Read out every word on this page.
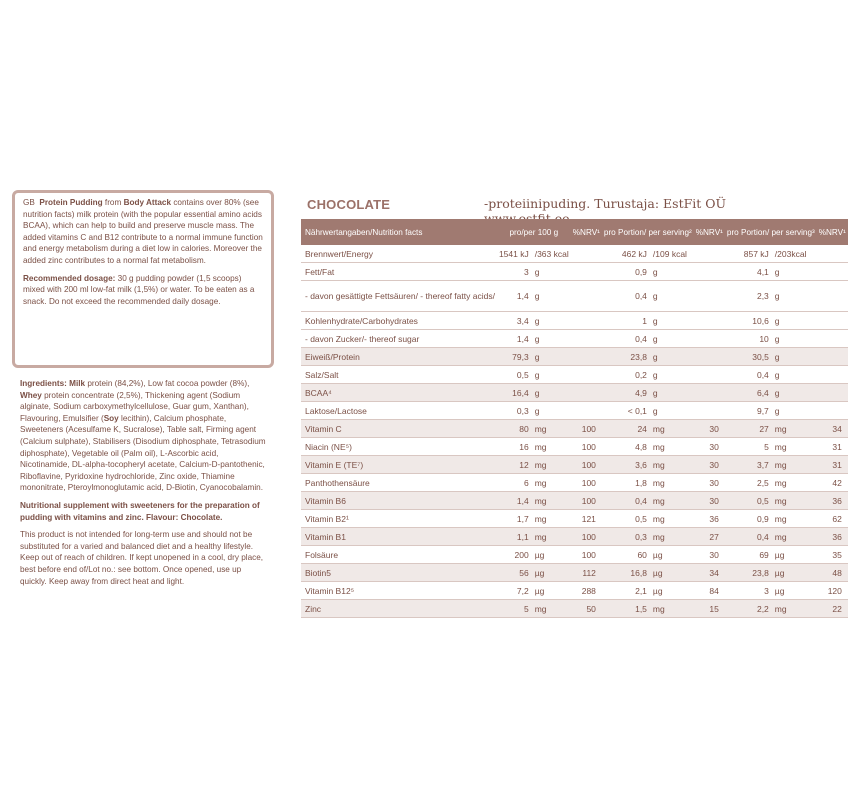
GB Protein Pudding from Body Attack contains over 80% (see nutrition facts) milk protein (with the popular essential amino acids BCAA), which can help to build and preserve muscle mass. The added vitamins C and B12 contribute to a normal immune function and energy metabolism during a diet low in calories. Moreover the added zinc contributes to a normal fat metabolism.

Recommended dosage: 30 g pudding powder (1,5 scoops) mixed with 200 ml low-fat milk (1,5%) or water. To be eaten as a snack. Do not exceed the recommended daily dosage.

Ingredients: Milk protein (84,2%), Low fat cocoa powder (8%), Whey protein concentrate (2,5%), Thickening agent (Sodium alginate, Sodium carboxymethylcellulose, Guar gum, Xanthan), Flavouring, Emulsifier (Soy lecithin), Calcium phosphate, Sweeteners (Acesulfame K, Sucralose), Table salt, Firming agent (Calcium sulphate), Stabilisers (Disodium diphosphate, Tetrasodium diphosphate), Vegetable oil (Palm oil), L-Ascorbic acid, Nicotinamide, DL-alpha-tocopheryl acetate, Calcium-D-pantothenic, Riboflavine, Pyridoxine hydrochloride, Zinc oxide, Thiamine mononitrate, Pteroylmonoglutamic acid, D-Biotin, Cyanocobalamin.

Nutritional supplement with sweeteners for the preparation of pudding with vitamins and zinc. Flavour: Chocolate.

This product is not intended for long-term use and should not be substituted for a varied and balanced diet and a healthy lifestyle. Keep out of reach of children. If kept unopened in a cool, dry place, best before end of/Lot no.: see bottom. Once opened, use up quickly. Keep away from direct heat and light.

CHOCOLATE	-proteiinipuding. Turustaja: EstFit OÜ
Nährwertangaben/Nutrition facts	pro/per 100 g		%NRV¹	pro Portion/ per serving²		%NRV¹	pro Portion/ per serving³		%NRV¹
Brennwert/Energy	1541 kJ	/363 kcal		462 kJ	/109 kcal		857 kJ	/203kcal	
Fett/Fat	3	g		0,9	g		4,1	g	
- davon gesättigte Fettsäuren/ - thereof fatty acids/	1,4	g		0,4	g		2,3	g	
Kohlenhydrate/Carbohydrates	3,4	g		1	g		10,6	g	
- davon Zucker/- thereof sugar	1,4	g		0,4	g		10	g	
Eiweiß/Protein	79,3	g		23,8	g		30,5	g	
Salz/Salt	0,5	g		0,2	g		0,4	g	
BCAA⁴	16,4	g		4,9	g		6,4	g	
Laktose/Lactose	0,3	g		< 0,1	g		9,7	g	
Vitamin C	80	mg	100	24	mg	30	27	mg	34
Niacin (NE⁵)	16	mg	100	4,8	mg	30	5	mg	31
Vitamin E (TE⁷)	12	mg	100	3,6	mg	30	3,7	mg	31
Panthothensäure	6	mg	100	1,8	mg	30	2,5	mg	42
Vitamin B6	1,4	mg	100	0,4	mg	30	0,5	mg	36
Vitamin B2¹	1,7	mg	121	0,5	mg	36	0,9	mg	62
Vitamin B1	1,1	mg	100	0,3	mg	27	0,4	mg	36
Folsäure	200	µg	100	60	µg	30	69	µg	35
Biotin5	56	µg	112	16,8	µg	34	23,8	µg	48
Vitamin B12⁵	7,2	µg	288	2,1	µg	84	3	µg	120
Zinc	5	mg	50	1,5	mg	15	2,2	mg	22
